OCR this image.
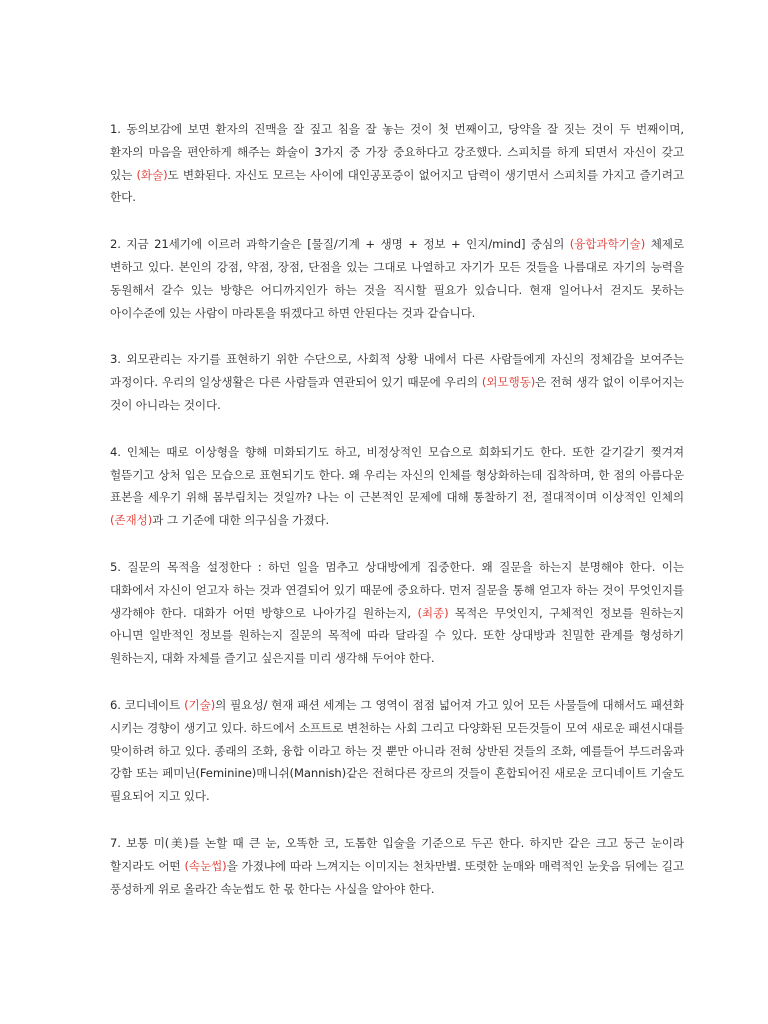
1. 동의보감에 보면 환자의 진맥을 잘 짚고 침을 잘 놓는 것이 첫 번째이고, 당약을 잘 짓는 것이 두 번째이며, 환자의 마음을 편안하게 해주는 화술이 3가지 중 가장 중요하다고 강조했다. 스피치를 하게 되면서 자신이 갖고 있는 (화술)도 변화된다. 자신도 모르는 사이에 대인공포증이 없어지고 담력이 생기면서 스피치를 가지고 즐기려고 한다.

2. 지금 21세기에 이르러 과학기술은 [물질/기계 + 생명 + 정보 + 인지/mind] 중심의 (융합과학기술) 체제로 변하고 있다. 본인의 강점, 약점, 장점, 단점을 있는 그대로 나열하고 자기가 모든 것들을 나름대로 자기의 능력을 동원해서 갈수 있는 방향은 어디까지인가 하는 것을 직시할 필요가 있습니다. 현재 일어나서 걷지도 못하는 아이수준에 있는 사람이 마라톤을 뛰겠다고 하면 안된다는 것과 같습니다.

3. 외모관리는 자기를 표현하기 위한 수단으로, 사회적 상황 내에서 다른 사람들에게 자신의 정체감을 보여주는 과정이다. 우리의 일상생활은 다른 사람들과 연관되어 있기 때문에 우리의 (외모행동)은 전혀 생각 없이 이루어지는 것이 아니라는 것이다.

4. 인체는 때로 이상형을 향해 미화되기도 하고, 비정상적인 모습으로 희화되기도 한다. 또한 갈기갈기 찢겨져 헐뜯기고 상처 입은 모습으로 표현되기도 한다. 왜 우리는 자신의 인체를 형상화하는데 집착하며, 한 점의 아름다운 표본을 세우기 위해 몸부림치는 것일까? 나는 이 근본적인 문제에 대해 통찰하기 전, 절대적이며 이상적인 인체의 (존재성)과 그 기준에 대한 의구심을 가졌다.

5. 질문의 목적을 설정한다 : 하던 일을 멈추고 상대방에게 집중한다. 왜 질문을 하는지 분명해야 한다. 이는 대화에서 자신이 얻고자 하는 것과 연결되어 있기 때문에 중요하다. 먼저 질문을 통해 얻고자 하는 것이 무엇인지를 생각해야 한다. 대화가 어떤 방향으로 나아가길 원하는지, (최종) 목적은 무엇인지, 구체적인 정보를 원하는지 아니면 일반적인 정보를 원하는지 질문의 목적에 따라 달라질 수 있다. 또한 상대방과 친밀한 관계를 형성하기 원하는지, 대화 자체를 즐기고 싶은지를 미리 생각해 두어야 한다.

6. 코디네이트 (기술)의 필요성/ 현재 패션 세계는 그 영역이 점점 넓어져 가고 있어 모든 사물들에 대해서도 패션화 시키는 경향이 생기고 있다. 하드에서 소프트로 변천하는 사회 그리고 다양화된 모든것들이 모여 새로운 패션시대를 맞이하려 하고 있다. 종래의 조화, 융합 이라고 하는 것 뿐만 아니라 전혀 상반된 것들의 조화, 예를들어 부드러움과 강함 또는 페미닌(Feminine)매니쉬(Mannish)같은 전혀다른 장르의 것들이 혼합되어진 새로운 코디네이트 기술도 필요되어 지고 있다.

7. 보통 미(美)를 논할 때 큰 눈, 오똑한 코, 도톰한 입술을 기준으로 두곤 한다. 하지만 같은 크고 둥근 눈이라 할지라도 어떤 (속눈썹)을 가졌냐에 따라 느껴지는 이미지는 천차만별. 또렷한 눈매와 매력적인 눈웃음 뒤에는 길고 풍성하게 위로 올라간 속눈썹도 한 몫 한다는 사실을 알아야 한다.
